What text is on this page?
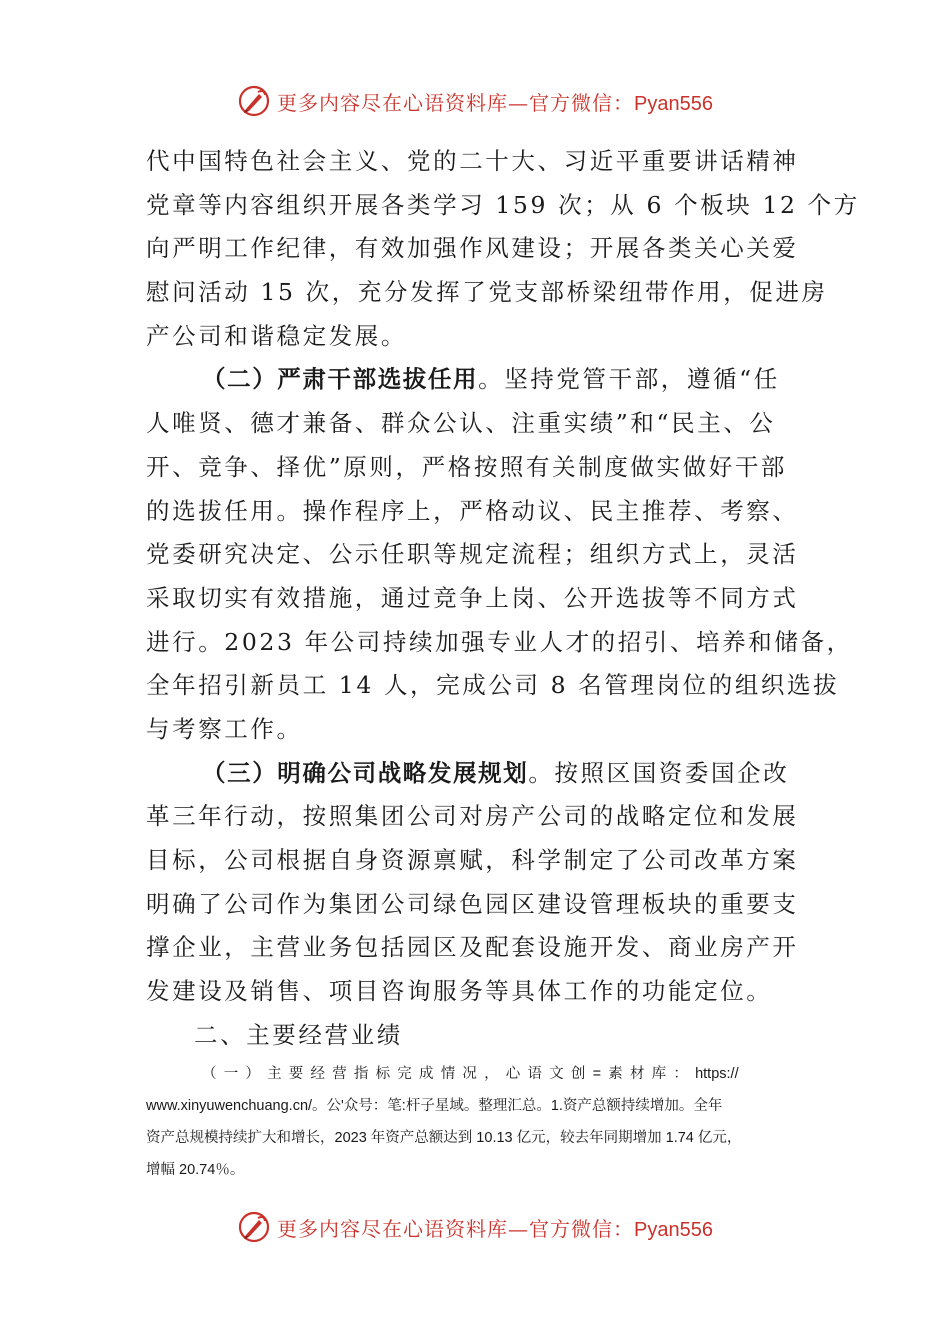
更多内容尽在心语资料库—官方微信：Pyan556
代中国特色社会主义、党的二十大、习近平重要讲话精神
党章等内容组织开展各类学习 159 次；从 6 个板块 12 个方
向严明工作纪律，有效加强作风建设；开展各类关心关爱
慰问活动 15 次，充分发挥了党支部桥梁纽带作用，促进房
产公司和谐稳定发展。
（二）严肃干部选拔任用。坚持党管干部，遵循“任
人唯贤、德才兼备、群众公认、注重实绩”和“民主、公
开、竞争、择优”原则，严格按照有关制度做实做好干部
的选拔任用。操作程序上，严格动议、民主推荐、考察、
党委研究决定、公示任职等规定流程；组织方式上，灵活
采取切实有效措施，通过竞争上岗、公开选拔等不同方式
进行。2023 年公司持续加强专业人才的招引、培养和储备，
全年招引新员工 14 人，完成公司 8 名管理岗位的组织选拔
与考察工作。
（三）明确公司战略发展规划。按照区国资委国企改
革三年行动，按照集团公司对房产公司的战略定位和发展
目标，公司根据自身资源禀赋，科学制定了公司改革方案
明确了公司作为集团公司绿色园区建设管理板块的重要支
撑企业，主营业务包括园区及配套设施开发、商业房产开
发建设及销售、项目咨询服务等具体工作的功能定位。
二、主要经营业绩
（一）主要经营指标完成情况，心语文创=素材库：https://
www.xinyuwenchuang.cn/。公'众号：笔:杆子星域。整理汇总。1.资产总额持续增加。全年
资产总规模持续扩大和增长，2023 年资产总额达到 10.13 亿元，较去年同期增加 1.74 亿元，
增幅 20.74％。
更多内容尽在心语资料库—官方微信：Pyan556
